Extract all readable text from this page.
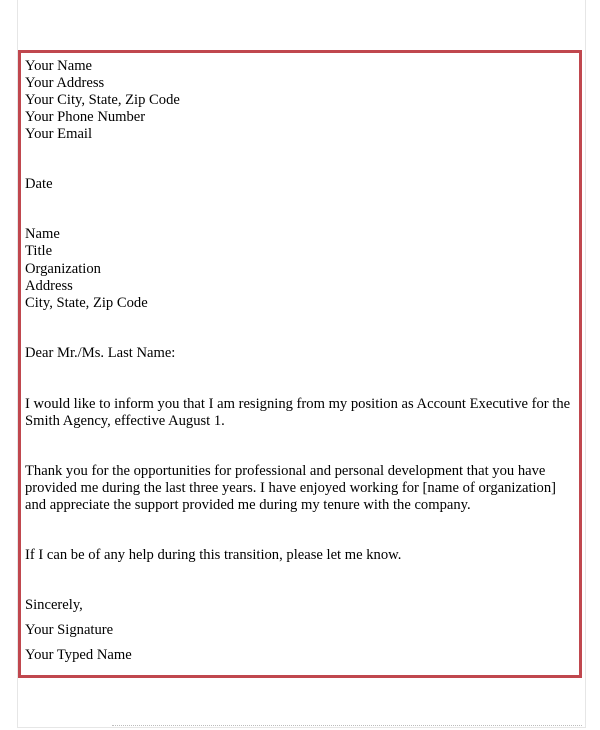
Your Name
Your Address
Your City, State, Zip Code
Your Phone Number
Your Email
Date
Name
Title
Organization
Address
City, State, Zip Code
Dear Mr./Ms. Last Name:
I would like to inform you that I am resigning from my position as Account Executive for the Smith Agency, effective August 1.
Thank you for the opportunities for professional and personal development that you have provided me during the last three years. I have enjoyed working for [name of organization] and appreciate the support provided me during my tenure with the company.
If I can be of any help during this transition, please let me know.
Sincerely,
Your Signature
Your Typed Name
